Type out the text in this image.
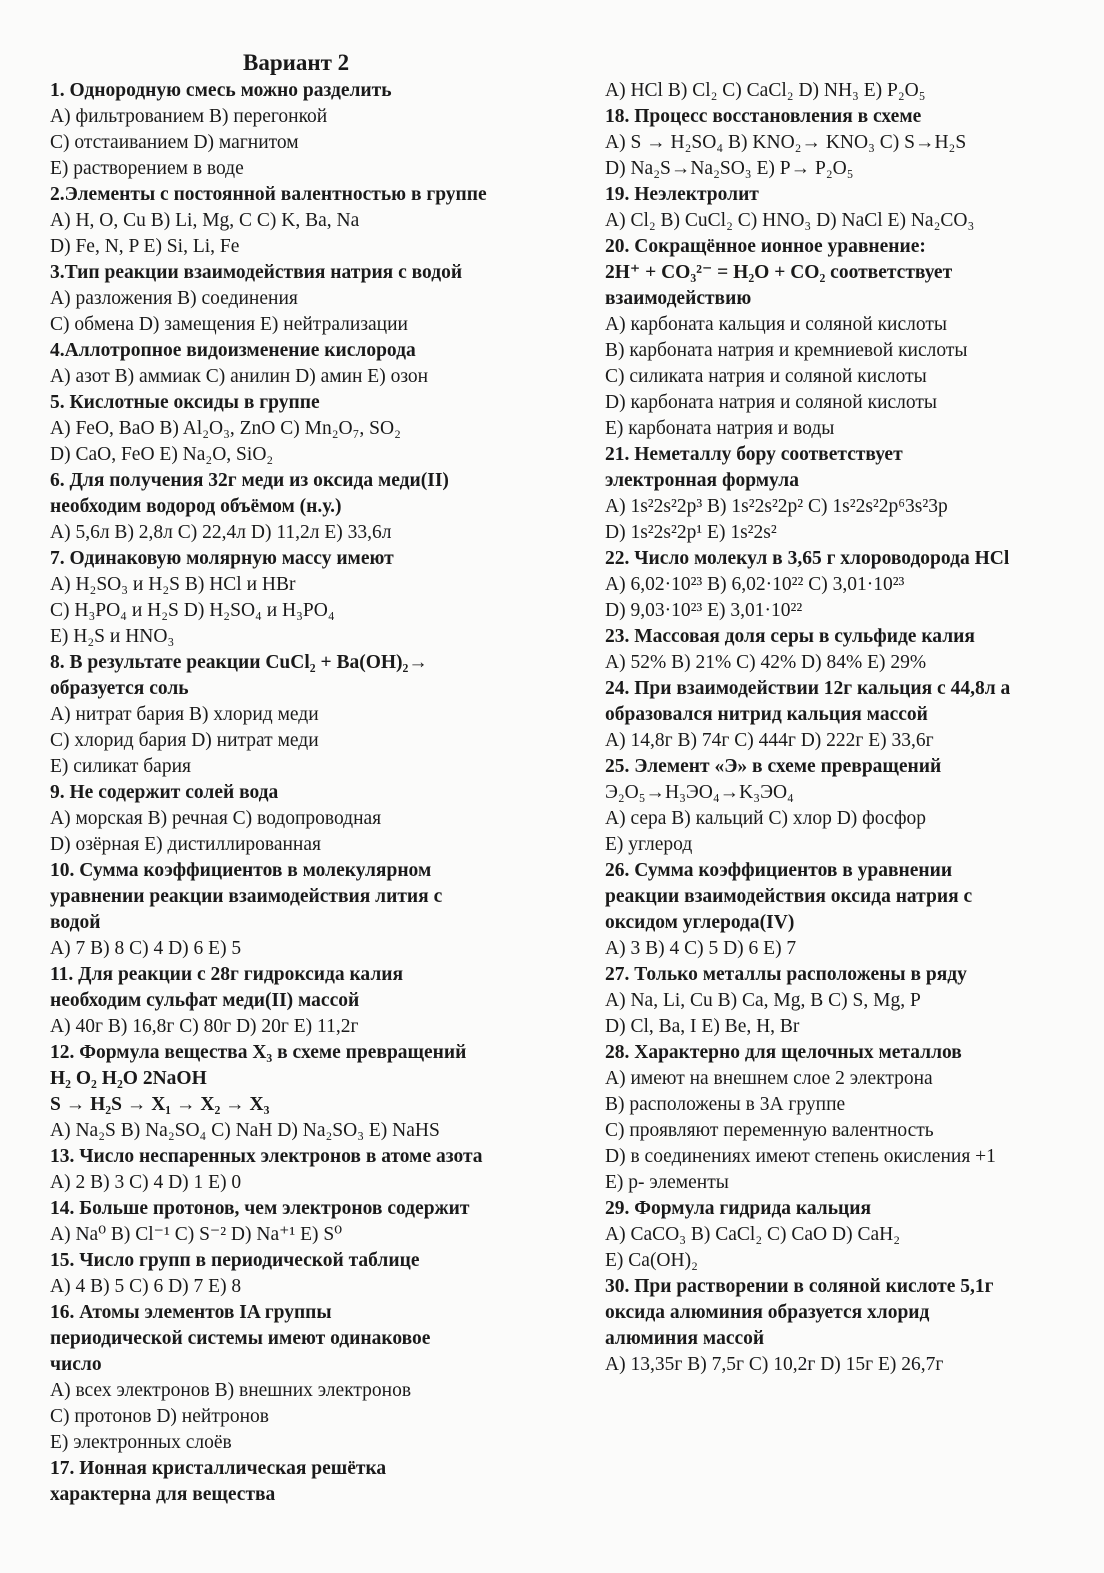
Вариант 2
1. Однородную смесь можно разделить
А) фильтрованием В) перегонкой
С) отстаиванием D) магнитом
Е) растворением в воде
2.Элементы с постоянной валентностью в группе
А) H, O, Cu B) Li, Mg, C C) K, Ba, Na
D) Fe, N, P E) Si, Li, Fe
3.Тип реакции взаимодействия натрия с водой
А) разложения В) соединения
С) обмена D) замещения Е) нейтрализации
4.Аллотропное видоизменение кислорода
А) азот В) аммиак С) анилин D) амин Е) озон
5. Кислотные оксиды в группе
A) FeO, BaO B) Al₂O₃, ZnO C) Mn₂O₇, SO₂
D) CaO, FeO E) Na₂O, SiO₂
6. Для получения 32г меди из оксида меди(II)
необходим водород объёмом (н.у.)
А) 5,6л В) 2,8л С) 22,4л D) 11,2л Е) 33,6л
7. Одинаковую молярную массу имеют
A) H₂SO₃ и H₂S B) HCl и HBr
C) H₃PO₄ и H₂S D) H₂SO₄ и H₃PO₄
E) H₂S и HNO₃
8. В результате реакции CuCl₂ + Ba(OH)₂→
образуется соль
А) нитрат бария В) хлорид меди
С) хлорид бария D) нитрат меди
Е) силикат бария
9. Не содержит солей вода
А) морская В) речная С) водопроводная
D) озёрная Е) дистиллированная
10. Сумма коэффициентов в молекулярном
уравнении реакции взаимодействия лития с
водой
А) 7 В) 8 С) 4 D) 6 Е) 5
11. Для реакции с 28г гидроксида калия
необходим сульфат меди(II) массой
А) 40г В) 16,8г С) 80г D) 20г Е) 11,2г
12. Формула вещества X₃ в схеме превращений
H₂ O₂ H₂O 2NaOH
S → H₂S → X₁ → X₂ → X₃
A) Na₂S B) Na₂SO₄ C) NaH D) Na₂SO₃ E) NaHS
13. Число неспаренных электронов в атоме азота
А) 2 В) 3 С) 4 D) 1 Е) 0
14. Больше протонов, чем электронов содержит
A) Na⁰ B) Cl⁻¹ C) S⁻² D) Na⁺¹ E) S⁰
15. Число групп в периодической таблице
А) 4 В) 5 С) 6 D) 7 Е) 8
16. Атомы элементов IA группы
периодической системы имеют одинаковое
число
А) всех электронов В) внешних электронов
С) протонов D) нейтронов
Е) электронных слоёв
17. Ионная кристаллическая решётка
характерна для вещества
A) HCl B) Cl₂ C) CaCl₂ D) NH₃ E) P₂O₅
18. Процесс восстановления в схеме
A) S → H₂SO₄ B) KNO₂→ KNO₃ C) S→H₂S
D) Na₂S→Na₂SO₃ E) P→ P₂O₅
19. Неэлектролит
A) Cl₂ B) CuCl₂ C) HNO₃ D) NaCl E) Na₂CO₃
20. Сокращённое ионное уравнение:
2H⁺ + CO₃²⁻ = H₂O + CO₂ соответствует
взаимодействию
А) карбоната кальция и соляной кислоты
В) карбоната натрия и кремниевой кислоты
С) силиката натрия и соляной кислоты
D) карбоната натрия и соляной кислоты
Е) карбоната натрия и воды
21. Неметаллу бору соответствует
электронная формула
A) 1s²2s²2p³ B) 1s²2s²2p² C) 1s²2s²2p⁶3s²3p
D) 1s²2s²2p¹ E) 1s²2s²
22. Число молекул в 3,65 г хлороводорода HCl
A) 6,02·10²³ B) 6,02·10²² C) 3,01·10²³
D) 9,03·10²³ E) 3,01·10²²
23. Массовая доля серы в сульфиде калия
А) 52% В) 21% С) 42% D) 84% Е) 29%
24. При взаимодействии 12г кальция с 44,8л а
образовался нитрид кальция массой
А) 14,8г В) 74г С) 444г D) 222г Е) 33,6г
25. Элемент «Э» в схеме превращений
Э₂О₅→H₃ЭO₄→K₃ЭO₄
А) сера В) кальций С) хлор D) фосфор
Е) углерод
26. Сумма коэффициентов в уравнении
реакции взаимодействия оксида натрия с
оксидом углерода(IV)
А) 3 В) 4 С) 5 D) 6 Е) 7
27. Только металлы расположены в ряду
A) Na, Li, Cu B) Ca, Mg, B C) S, Mg, P
D) Cl, Ba, I E) Be, H, Br
28. Характерно для щелочных металлов
А) имеют на внешнем слое 2 электрона
В) расположены в 3А группе
С) проявляют переменную валентность
D) в соединениях имеют степень окисления +1
Е) р- элементы
29. Формула гидрида кальция
A) CaCO₃ B) CaCl₂ C) CaO D) CaH₂
E) Ca(OH)₂
30. При растворении в соляной кислоте 5,1г
оксида алюминия образуется хлорид
алюминия массой
А) 13,35г В) 7,5г С) 10,2г D) 15г Е) 26,7г
